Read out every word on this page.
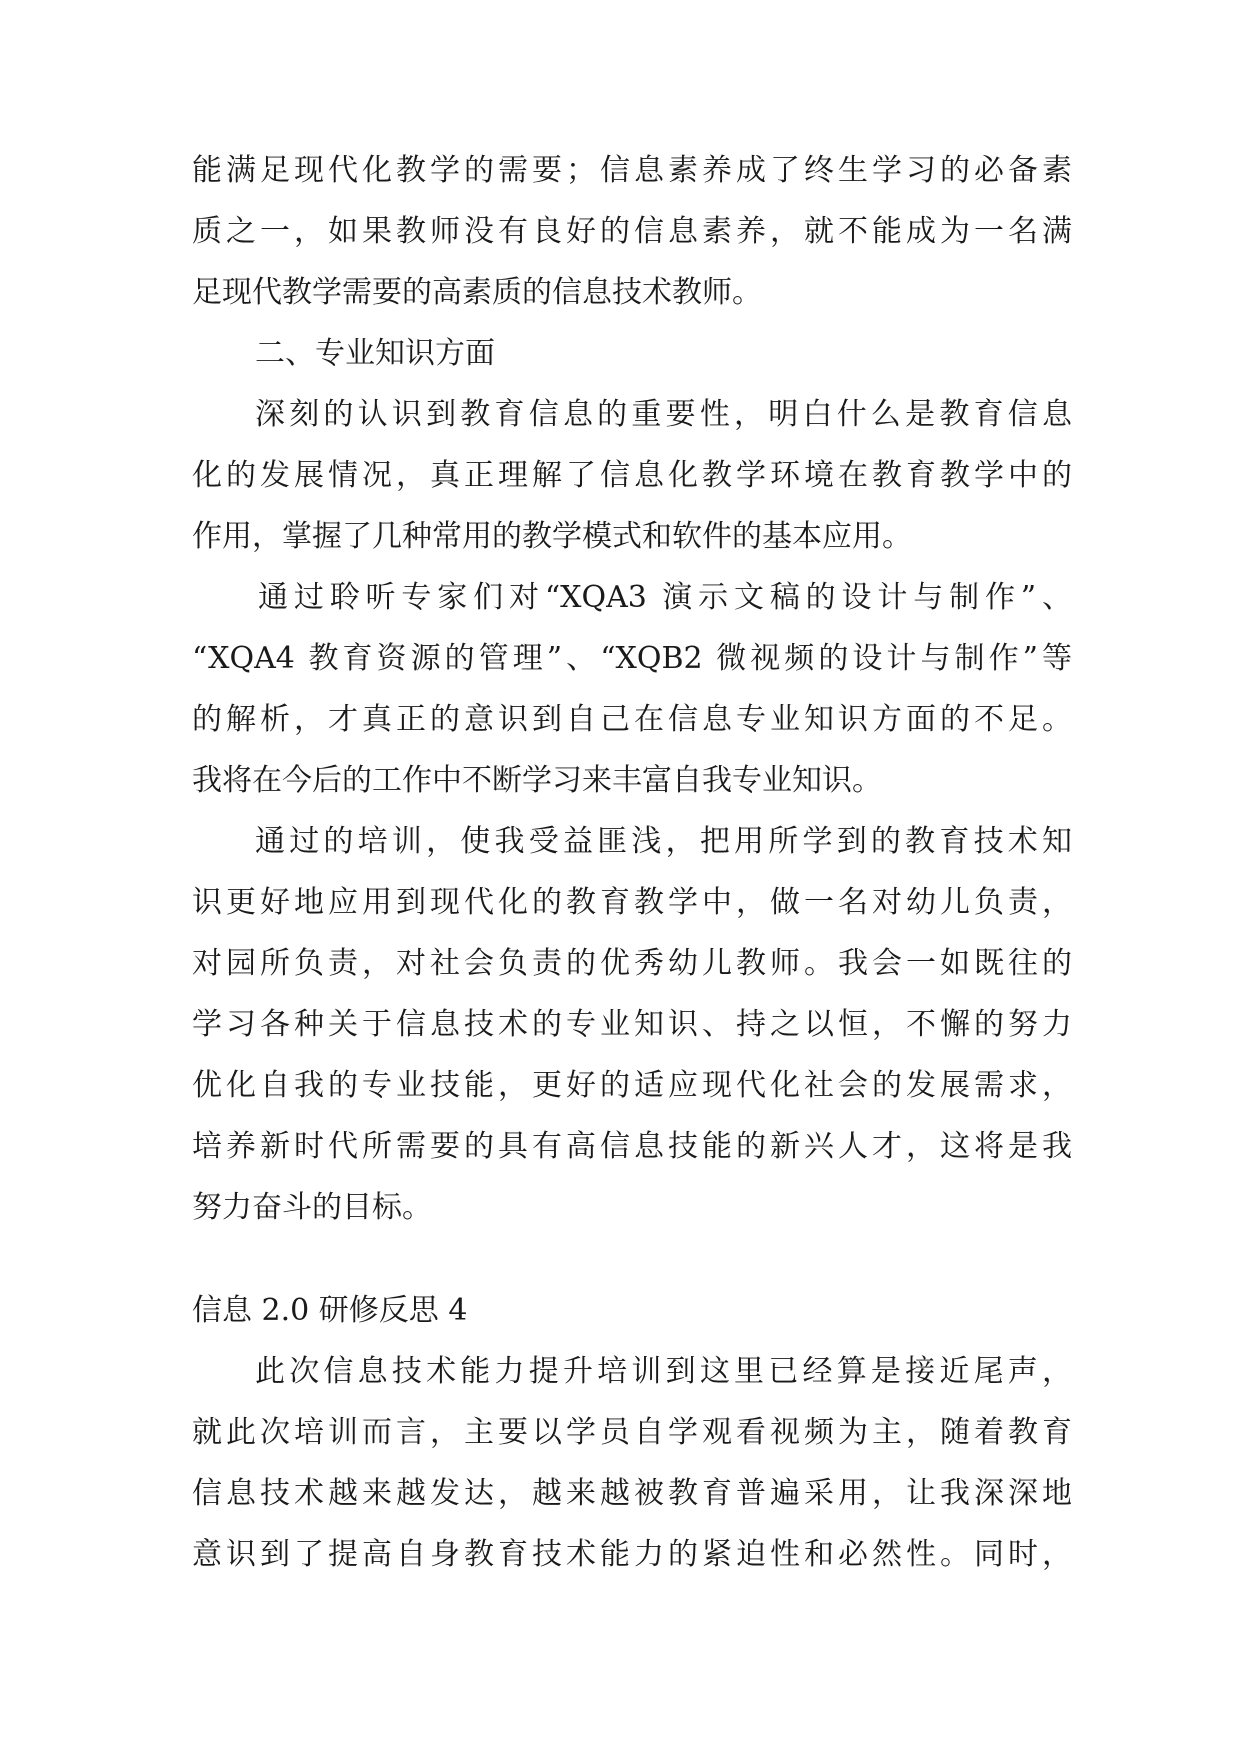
能满足现代化教学的需要；信息素养成了终生学习的必备素
质之一，如果教师没有良好的信息素养，就不能成为一名满
足现代教学需要的高素质的信息技术教师。
二、专业知识方面
深刻的认识到教育信息的重要性，明白什么是教育信息
化的发展情况，真正理解了信息化教学环境在教育教学中的
作用，掌握了几种常用的教学模式和软件的基本应用。
通过聆听专家们对“XQA3 演示文稿的设计与制作”、
“XQA4 教育资源的管理”、“XQB2 微视频的设计与制作”等
的解析，才真正的意识到自己在信息专业知识方面的不足。
我将在今后的工作中不断学习来丰富自我专业知识。
通过的培训，使我受益匪浅，把用所学到的教育技术知
识更好地应用到现代化的教育教学中，做一名对幼儿负责，
对园所负责，对社会负责的优秀幼儿教师。我会一如既往的
学习各种关于信息技术的专业知识、持之以恒，不懈的努力
优化自我的专业技能，更好的适应现代化社会的发展需求，
培养新时代所需要的具有高信息技能的新兴人才，这将是我
努力奋斗的目标。
信息 2.0 研修反思 4
此次信息技术能力提升培训到这里已经算是接近尾声，
就此次培训而言，主要以学员自学观看视频为主，随着教育
信息技术越来越发达，越来越被教育普遍采用，让我深深地
意识到了提高自身教育技术能力的紧迫性和必然性。同时，
